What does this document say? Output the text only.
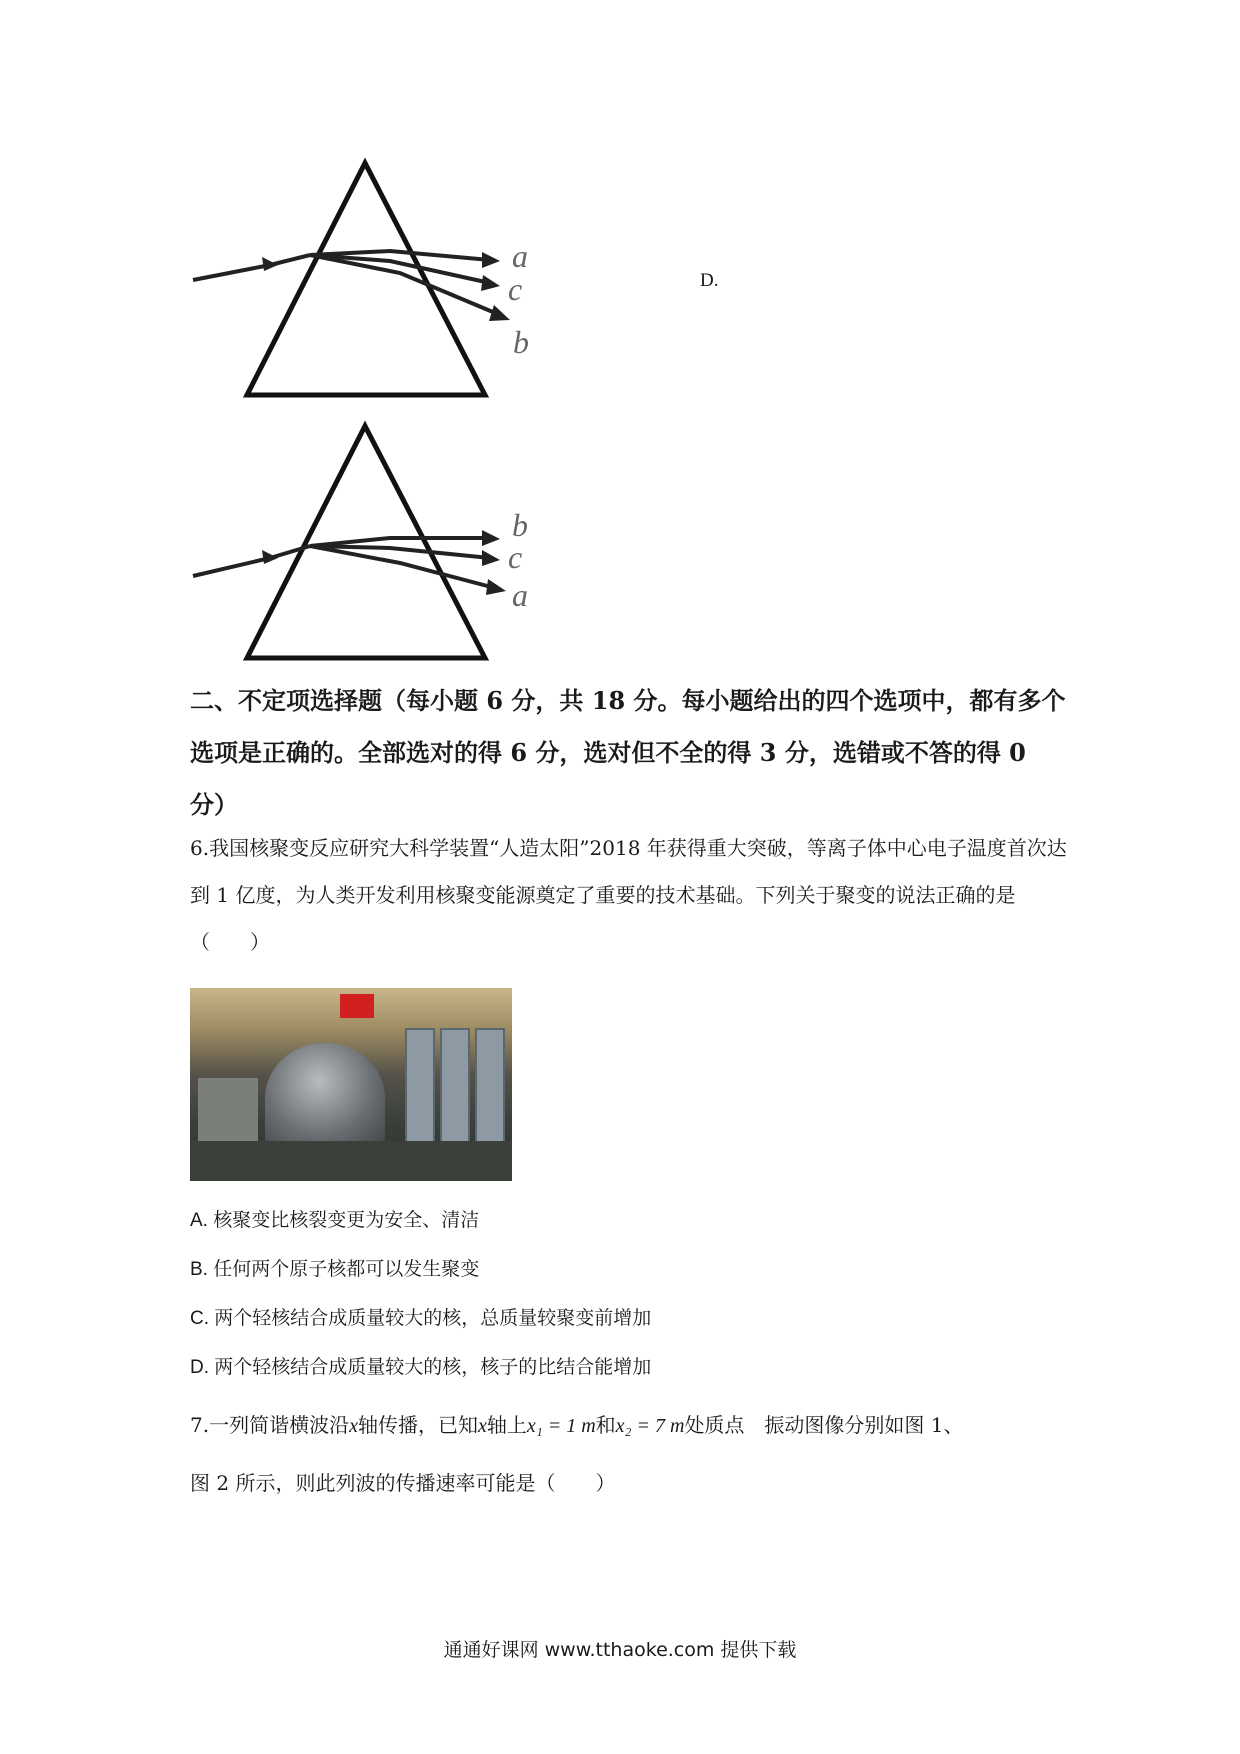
a
c
b
D.
b
c
a
二、不定项选择题（每小题 6 分，共 18 分。每小题给出的四个选项中，都有多个选项是正确的。全部选对的得 6 分，选对但不全的得 3 分，选错或不答的得 0 分）
6.我国核聚变反应研究大科学装置“人造太阳”2018 年获得重大突破，等离子体中心电子温度首次达到 1 亿度，为人类开发利用核聚变能源奠定了重要的技术基础。下列关于聚变的说法正确的是（　　）
A. 核聚变比核裂变更为安全、清洁
B. 任何两个原子核都可以发生聚变
C. 两个轻核结合成质量较大的核，总质量较聚变前增加
D. 两个轻核结合成质量较大的核，核子的比结合能增加
7.一列简谐横波沿x轴传播，已知x轴上x₁ = 1 m和x₂ = 7 m处质点　振动图像分别如图 1、
图 2 所示，则此列波的传播速率可能是（　　）
通通好课网 www.tthaoke.com 提供下载
